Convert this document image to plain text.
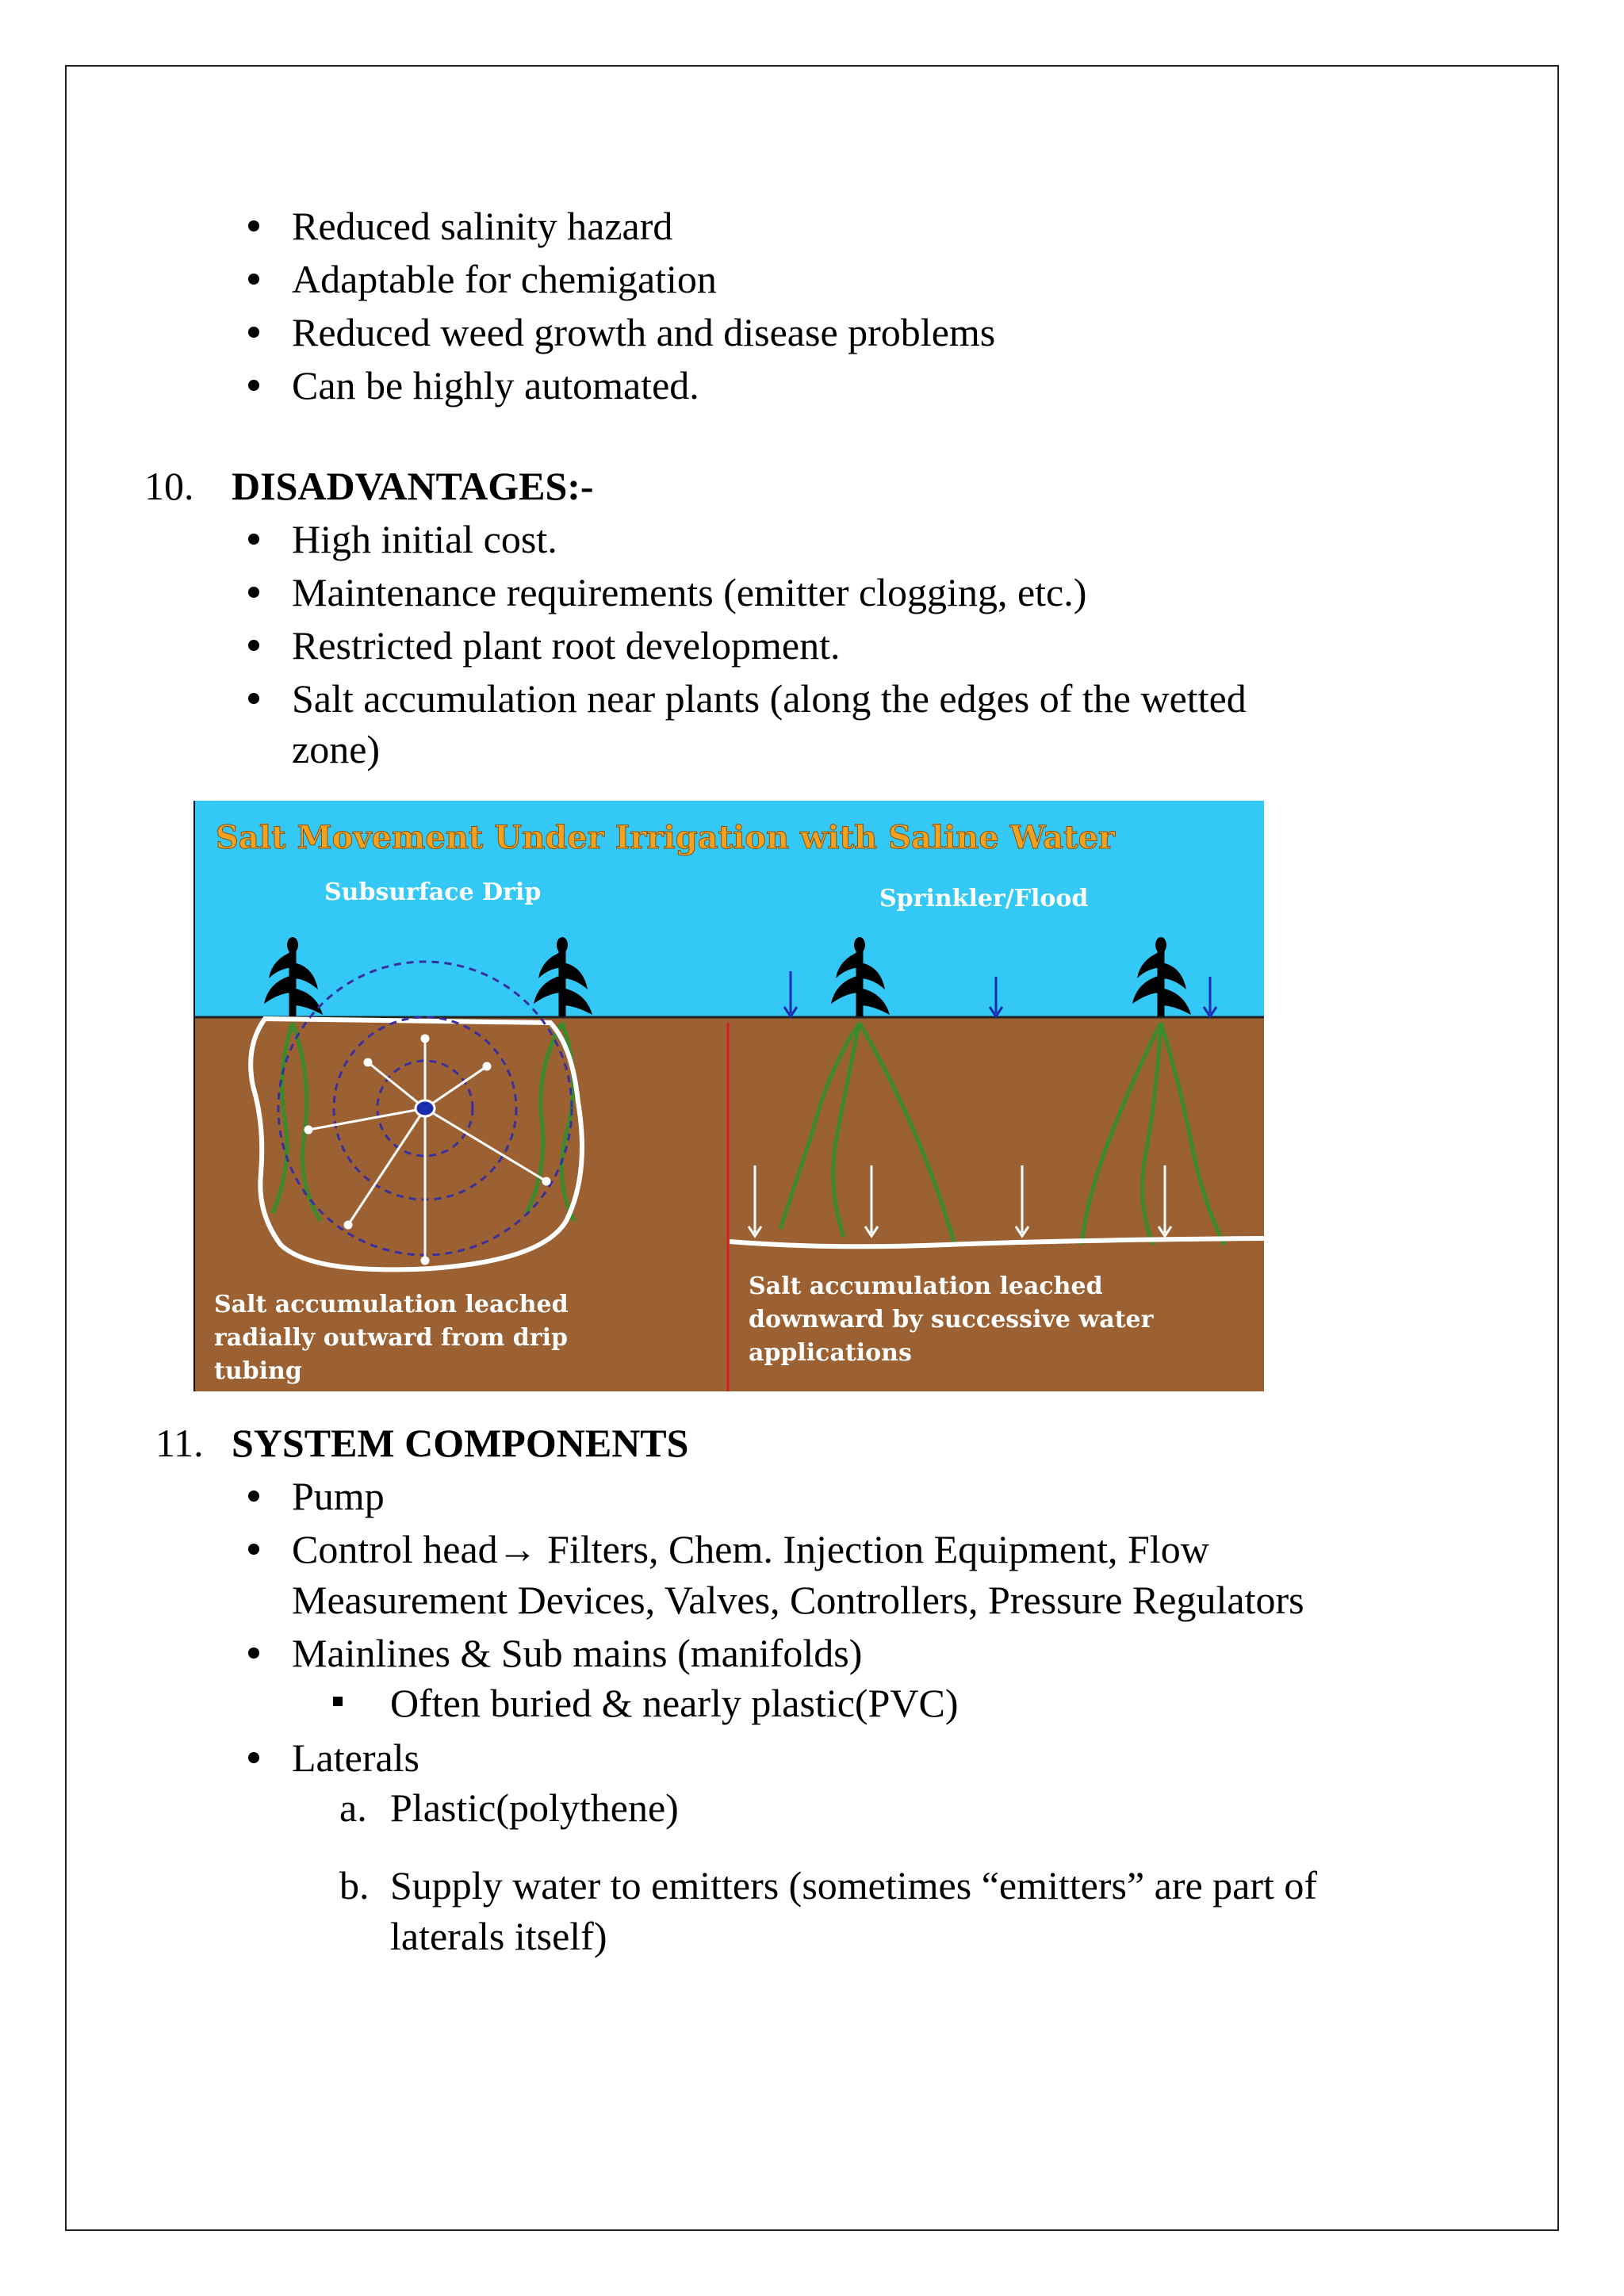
Reduced salinity hazard
Adaptable for chemigation
Reduced weed growth and disease problems
Can be highly automated.
10. DISADVANTAGES:-
High initial cost.
Maintenance requirements (emitter clogging, etc.)
Restricted plant root development.
Salt accumulation near plants (along the edges of the wetted
zone)
Salt Movement Under Irrigation with Saline Water
Subsurface Drip	Sprinkler/Flood
Salt accumulation leached
radially outward from drip
tubing
Salt accumulation leached
downward by successive water
applications
11. SYSTEM COMPONENTS
Pump
Control head→ Filters, Chem. Injection Equipment, Flow
Measurement Devices, Valves, Controllers, Pressure Regulators
Mainlines & Sub mains (manifolds)
Often buried & nearly plastic(PVC)
Laterals
a. Plastic(polythene)
b. Supply water to emitters (sometimes “emitters” are part of
laterals itself)
